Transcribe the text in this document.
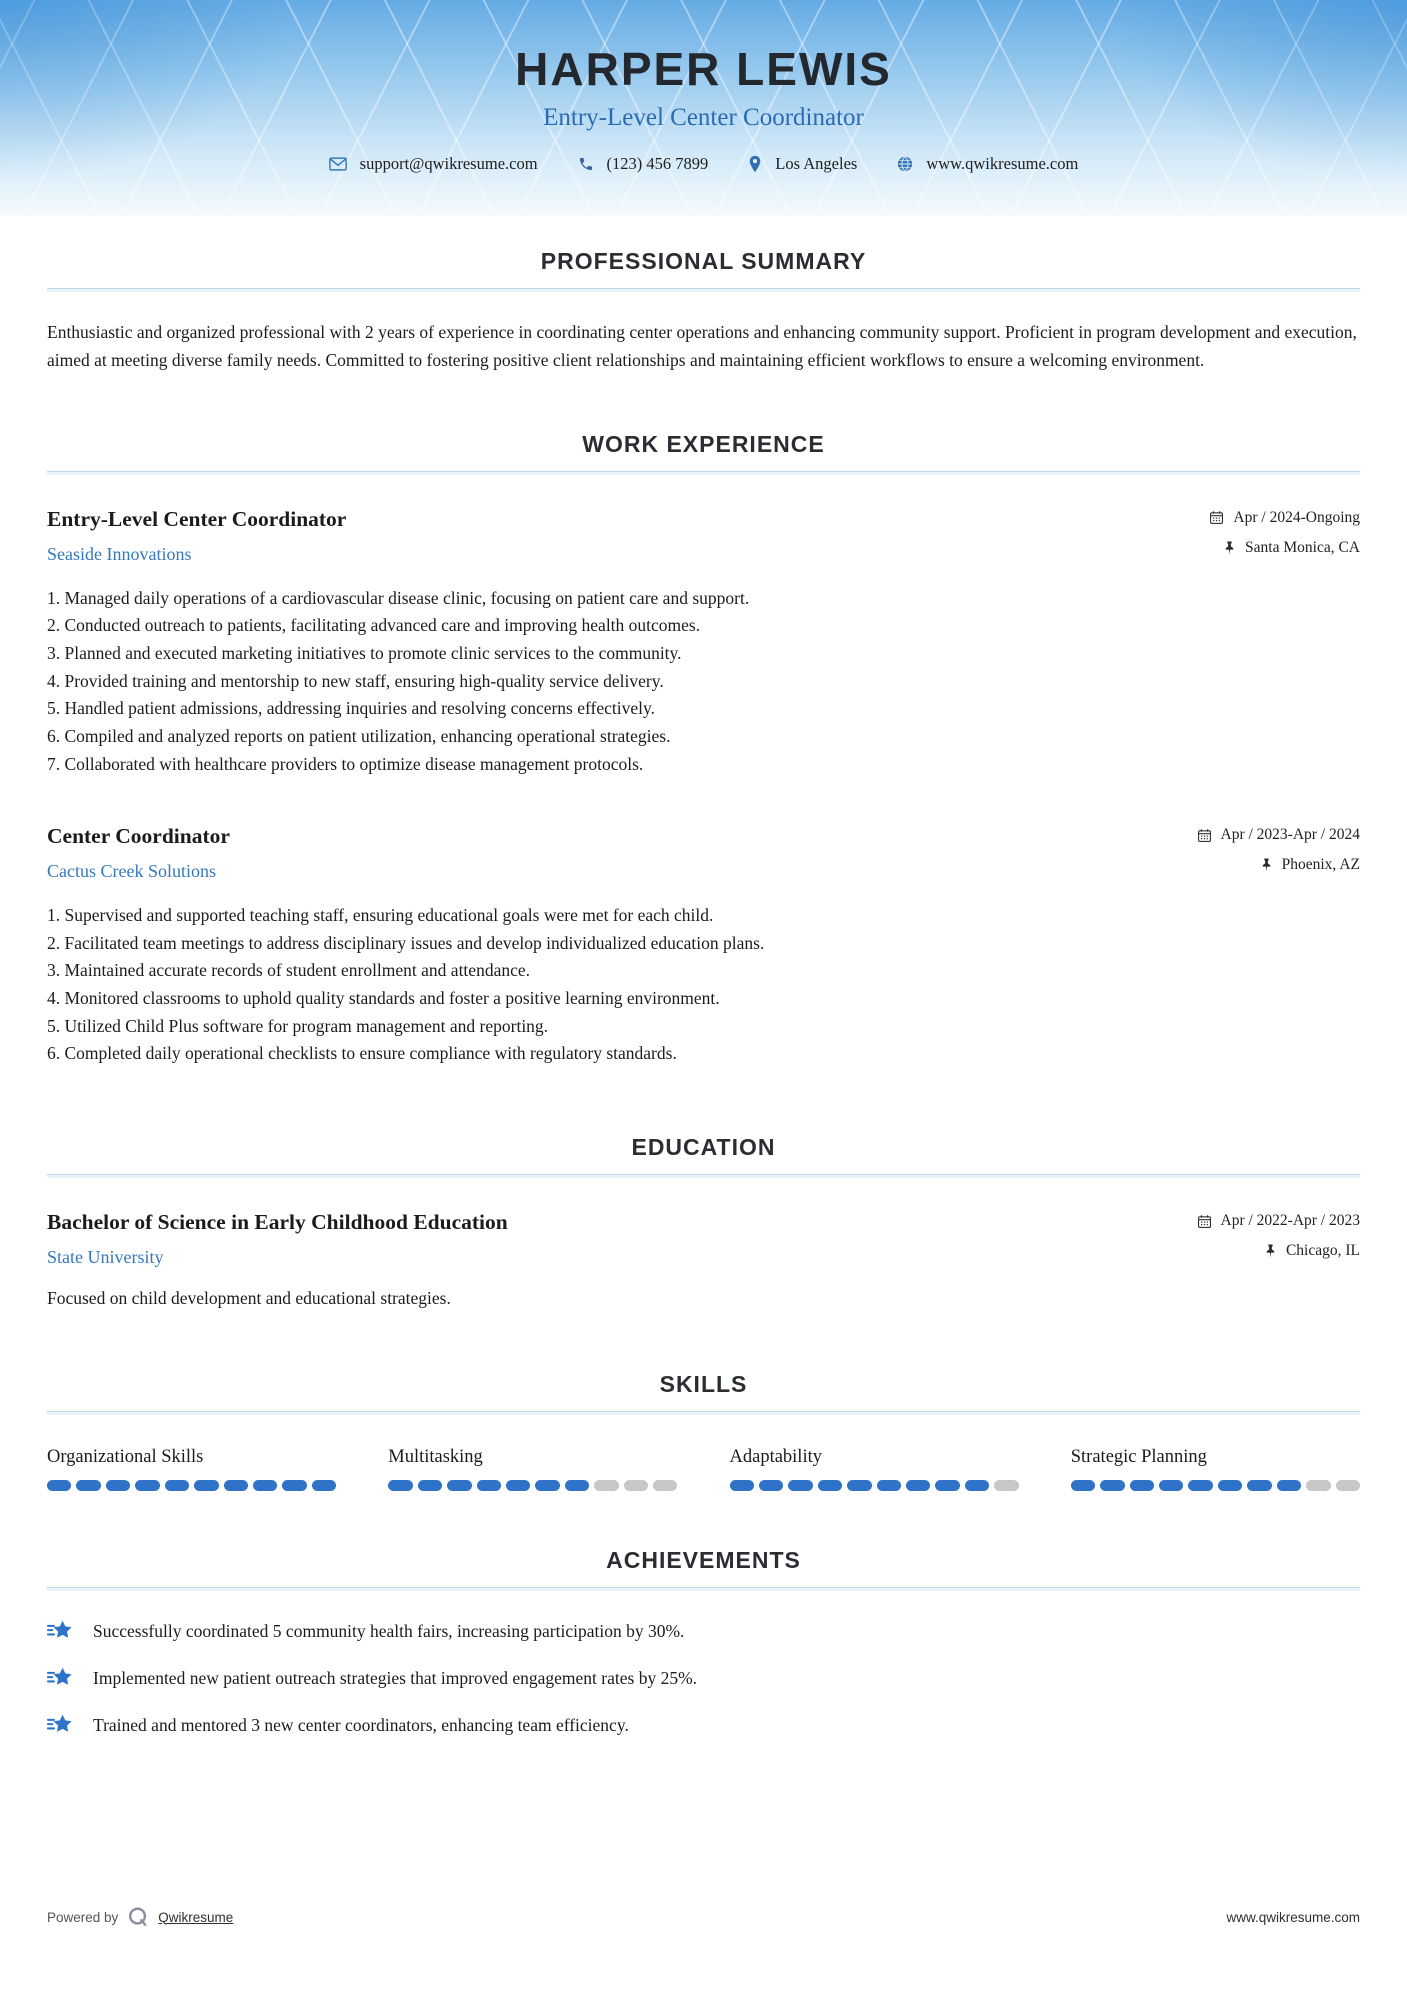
HARPER LEWIS
Entry-Level Center Coordinator
support@qwikresume.com	(123) 456 7899	Los Angeles	www.qwikresume.com
PROFESSIONAL SUMMARY

Enthusiastic and organized professional with 2 years of experience in coordinating center operations and enhancing community support. Proficient in program development and execution, aimed at meeting diverse family needs. Committed to fostering positive client relationships and maintaining efficient workflows to ensure a welcoming environment.

WORK EXPERIENCE
Entry-Level Center Coordinator
Seaside Innovations
Apr / 2024-Ongoing
Santa Monica, CA
Managed daily operations of a cardiovascular disease clinic, focusing on patient care and support.
Conducted outreach to patients, facilitating advanced care and improving health outcomes.
Planned and executed marketing initiatives to promote clinic services to the community.
Provided training and mentorship to new staff, ensuring high-quality service delivery.
Handled patient admissions, addressing inquiries and resolving concerns effectively.
Compiled and analyzed reports on patient utilization, enhancing operational strategies.
Collaborated with healthcare providers to optimize disease management protocols.
Center Coordinator
Cactus Creek Solutions
Apr / 2023-Apr / 2024
Phoenix, AZ
Supervised and supported teaching staff, ensuring educational goals were met for each child.
Facilitated team meetings to address disciplinary issues and develop individualized education plans.
Maintained accurate records of student enrollment and attendance.
Monitored classrooms to uphold quality standards and foster a positive learning environment.
Utilized Child Plus software for program management and reporting.
Completed daily operational checklists to ensure compliance with regulatory standards.
EDUCATION
Bachelor of Science in Early Childhood Education
State University
Apr / 2022-Apr / 2023
Chicago, IL

Focused on child development and educational strategies.

SKILLS
Organizational Skills	Multitasking	Adaptability	Strategic Planning
ACHIEVEMENTS
Successfully coordinated 5 community health fairs, increasing participation by 30%.
Implemented new patient outreach strategies that improved engagement rates by 25%.
Trained and mentored 3 new center coordinators, enhancing team efficiency.
Powered by	Qwikresume	www.qwikresume.com
